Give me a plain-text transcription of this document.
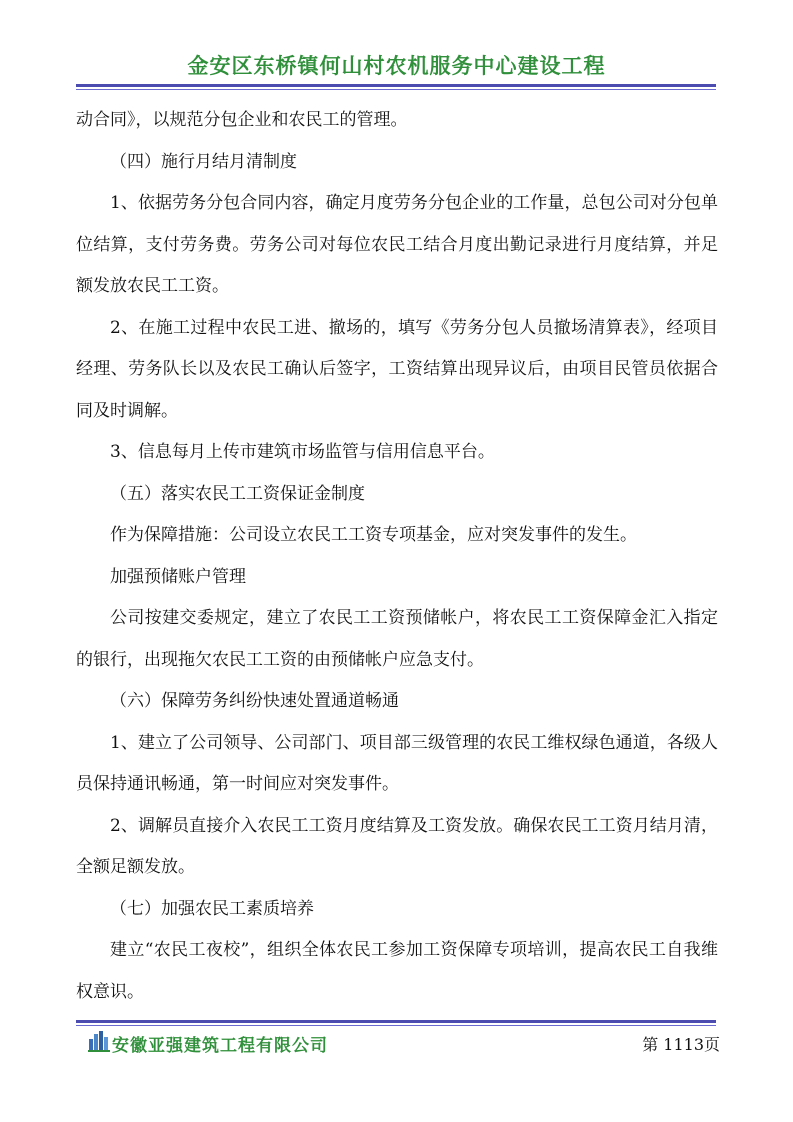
金安区东桥镇何山村农机服务中心建设工程

动合同》，以规范分包企业和农民工的管理。

（四）施行月结月清制度

1、依据劳务分包合同内容，确定月度劳务分包企业的工作量，总包公司对分包单位结算，支付劳务费。劳务公司对每位农民工结合月度出勤记录进行月度结算，并足额发放农民工工资。

2、在施工过程中农民工进、撤场的，填写《劳务分包人员撤场清算表》，经项目经理、劳务队长以及农民工确认后签字，工资结算出现异议后，由项目民管员依据合同及时调解。

3、信息每月上传市建筑市场监管与信用信息平台。

（五）落实农民工工资保证金制度

作为保障措施：公司设立农民工工资专项基金，应对突发事件的发生。

加强预储账户管理

公司按建交委规定，建立了农民工工资预储帐户，将农民工工资保障金汇入指定的银行，出现拖欠农民工工资的由预储帐户应急支付。

（六）保障劳务纠纷快速处置通道畅通

1、建立了公司领导、公司部门、项目部三级管理的农民工维权绿色通道，各级人员保持通讯畅通，第一时间应对突发事件。

2、调解员直接介入农民工工资月度结算及工资发放。确保农民工工资月结月清，全额足额发放。

（七）加强农民工素质培养

建立“农民工夜校”，组织全体农民工参加工资保障专项培训，提高农民工自我维权意识。

安徽亚强建筑工程有限公司	第 1113页
